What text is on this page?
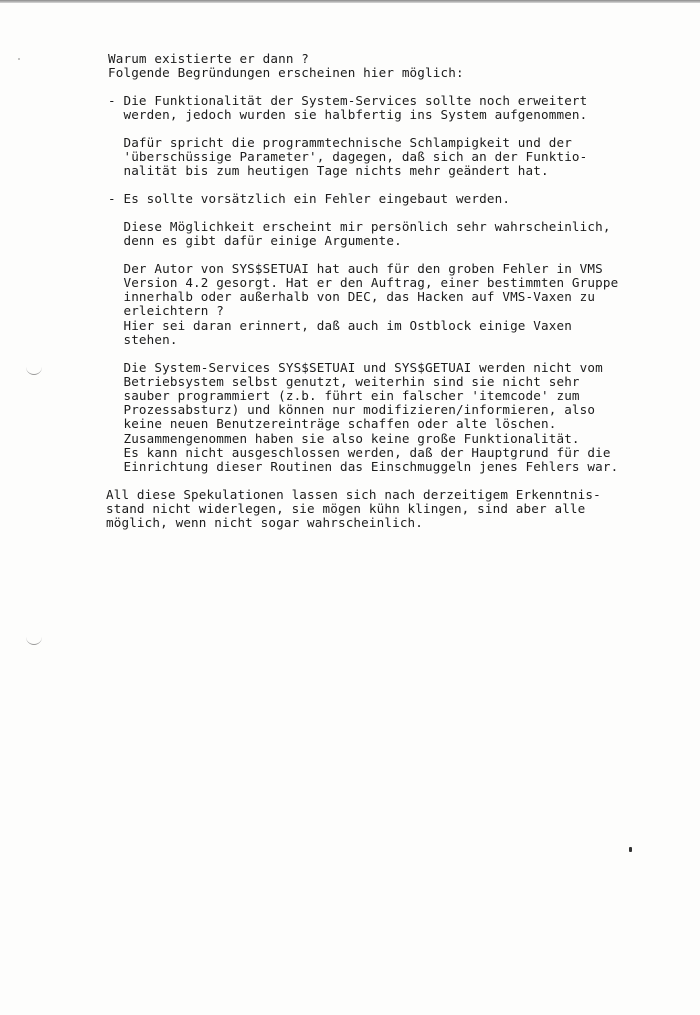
Warum existierte er dann ?
Folgende Begründungen erscheinen hier möglich:
- Die Funktionalität der System-Services sollte noch erweitert
werden, jedoch wurden sie halbfertig ins System aufgenommen.
Dafür spricht die programmtechnische Schlampigkeit und der
'überschüssige Parameter', dagegen, daß sich an der Funktio-
nalität bis zum heutigen Tage nichts mehr geändert hat.
- Es sollte vorsätzlich ein Fehler eingebaut werden.
Diese Möglichkeit erscheint mir persönlich sehr wahrscheinlich,
denn es gibt dafür einige Argumente.
Der Autor von SYS$SETUAI hat auch für den groben Fehler in VMS
Version 4.2 gesorgt. Hat er den Auftrag, einer bestimmten Gruppe
innerhalb oder außerhalb von DEC, das Hacken auf VMS-Vaxen zu
erleichtern ?
Hier sei daran erinnert, daß auch im Ostblock einige Vaxen
stehen.
Die System-Services SYS$SETUAI und SYS$GETUAI werden nicht vom
Betriebsystem selbst genutzt, weiterhin sind sie nicht sehr
sauber programmiert (z.b. führt ein falscher 'itemcode' zum
Prozessabsturz) und können nur modifizieren/informieren, also
keine neuen Benutzereinträge schaffen oder alte löschen.
Zusammengenommen haben sie also keine große Funktionalität.
Es kann nicht ausgeschlossen werden, daß der Hauptgrund für die
Einrichtung dieser Routinen das Einschmuggeln jenes Fehlers war.
All diese Spekulationen lassen sich nach derzeitigem Erkenntnis-
stand nicht widerlegen, sie mögen kühn klingen, sind aber alle
möglich, wenn nicht sogar wahrscheinlich.
